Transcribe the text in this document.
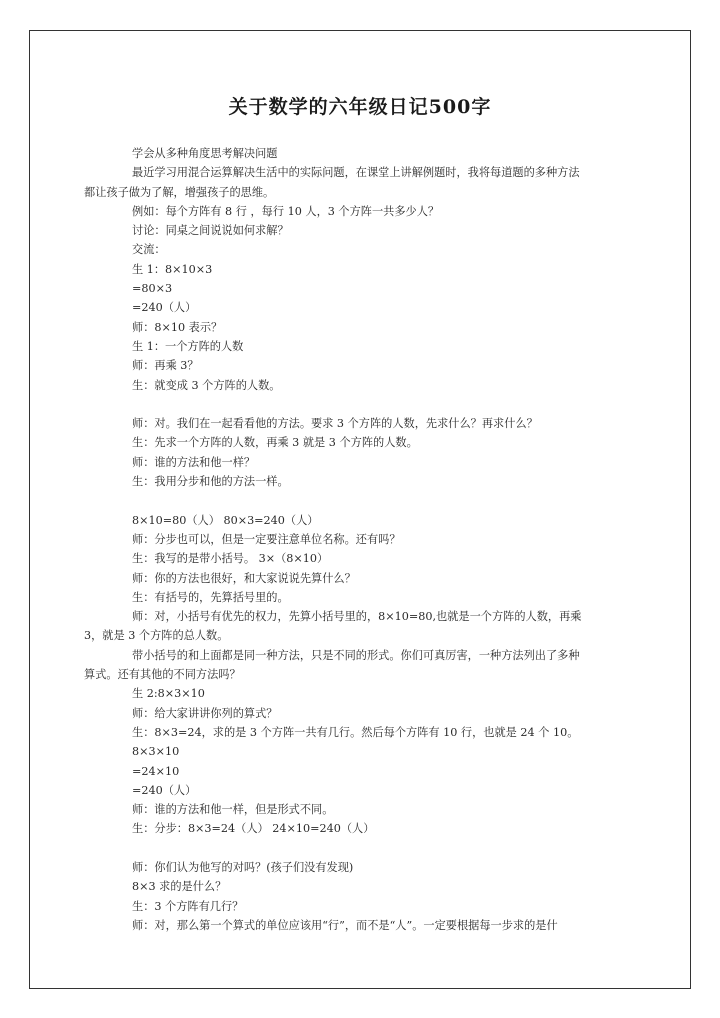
关于数学的六年级日记500字
学会从多种角度思考解决问题
最近学习用混合运算解决生活中的实际问题，在课堂上讲解例题时，我将每道题的多种方法
都让孩子做为了解，增强孩子的思维。
例如：每个方阵有 8 行 ，每行 10 人，3 个方阵一共多少人？
讨论：同桌之间说说如何求解？
交流：
生 1：8×10×3
=80×3
=240（人）
师：8×10 表示？
生 1：一个方阵的人数
师：再乘 3？
生：就变成 3 个方阵的人数。
师：对。我们在一起看看他的方法。要求 3 个方阵的人数，先求什么？再求什么？
生：先求一个方阵的人数，再乘 3 就是 3 个方阵的人数。
师：谁的方法和他一样？
生：我用分步和他的方法一样。
8×10=80（人） 80×3=240（人）
师：分步也可以，但是一定要注意单位名称。还有吗？
生：我写的是带小括号。 3×（8×10）
师：你的方法也很好，和大家说说先算什么？
生：有括号的，先算括号里的。
师：对，小括号有优先的权力，先算小括号里的，8×10=80,也就是一个方阵的人数，再乘
3，就是 3 个方阵的总人数。
带小括号的和上面都是同一种方法，只是不同的形式。你们可真厉害，一种方法列出了多种
算式。还有其他的不同方法吗？
生 2:8×3×10
师：给大家讲讲你列的算式？
生：8×3=24，求的是 3 个方阵一共有几行。然后每个方阵有 10 行，也就是 24 个 10。
8×3×10
=24×10
=240（人）
师：谁的方法和他一样，但是形式不同。
生：分步：8×3=24（人） 24×10=240（人）
师：你们认为他写的对吗？(孩子们没有发现)
8×3 求的是什么？
生：3 个方阵有几行？
师：对，那么第一个算式的单位应该用“行”，而不是“人”。一定要根据每一步求的是什
